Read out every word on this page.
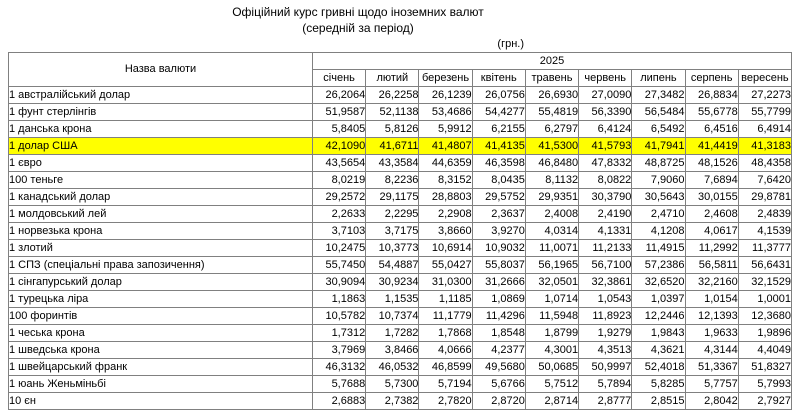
Офіційний курс гривні щодо іноземних валют
(середній за період)
(грн.)
Назва валюти	2025								
	січень	лютий	березень	квітень	травень	червень	липень	серпень	вересень
1 австралійський долар	26,2064	26,2258	26,1239	26,0756	26,6930	27,0090	27,3482	26,8834	27,2273
1 фунт стерлінгів	51,9587	52,1138	53,4686	54,4277	55,4819	56,3390	56,5484	55,6778	55,7799
1 данська крона	5,8405	5,8126	5,9912	6,2155	6,2797	6,4124	6,5492	6,4516	6,4914
1 долар США	42,1090	41,6711	41,4807	41,4135	41,5300	41,5793	41,7941	41,4419	41,3183
1 євро	43,5654	43,3584	44,6359	46,3598	46,8480	47,8332	48,8725	48,1526	48,4358
100 теньге	8,0219	8,2236	8,3152	8,0435	8,1132	8,0822	7,9060	7,6894	7,6420
1 канадський долар	29,2572	29,1175	28,8803	29,5752	29,9351	30,3790	30,5643	30,0155	29,8781
1 молдовський лей	2,2633	2,2295	2,2908	2,3637	2,4008	2,4190	2,4710	2,4608	2,4839
1 норвезька крона	3,7103	3,7175	3,8660	3,9270	4,0314	4,1331	4,1208	4,0617	4,1539
1 злотий	10,2475	10,3773	10,6914	10,9032	11,0071	11,2133	11,4915	11,2992	11,3777
1 СПЗ (спеціальні права запозичення)	55,7450	54,4887	55,0427	55,8037	56,1965	56,7100	57,2386	56,5811	56,6431
1 сінгапурський долар	30,9094	30,9234	31,0300	31,2666	32,0501	32,3861	32,6520	32,2160	32,1529
1 турецька ліра	1,1863	1,1535	1,1185	1,0869	1,0714	1,0543	1,0397	1,0154	1,0001
100 форинтів	10,5782	10,7374	11,1779	11,4296	11,5948	11,8923	12,2446	12,1393	12,3680
1 чеська крона	1,7312	1,7282	1,7868	1,8548	1,8799	1,9279	1,9843	1,9633	1,9896
1 шведська крона	3,7969	3,8466	4,0666	4,2377	4,3001	4,3513	4,3621	4,3144	4,4049
1 швейцарський франк	46,3132	46,0532	46,8599	49,5680	50,0685	50,9997	52,4018	51,3367	51,8327
1 юань Женьміньбі	5,7688	5,7300	5,7194	5,6766	5,7512	5,7894	5,8285	5,7757	5,7993
10 єн	2,6883	2,7382	2,7820	2,8720	2,8714	2,8777	2,8515	2,8042	2,7927
